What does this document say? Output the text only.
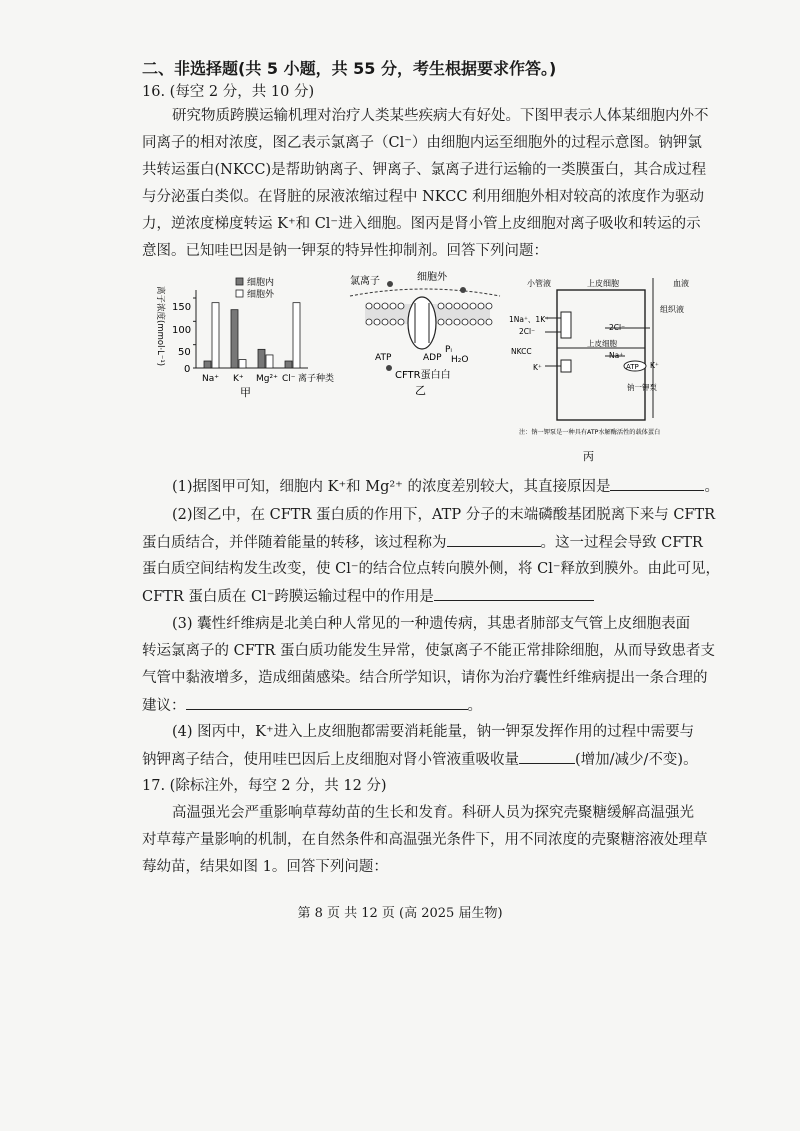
二、非选择题(共 5 小题，共 55 分，考生根据要求作答。)
16. (每空 2 分，共 10 分)
研究物质跨膜运输机理对治疗人类某些疾病大有好处。下图甲表示人体某细胞内外不
同离子的相对浓度，图乙表示氯离子（Cl⁻）由细胞内运至细胞外的过程示意图。钠钾氯
共转运蛋白(NKCC)是帮助钠离子、钾离子、氯离子进行运输的一类膜蛋白，其合成过程
与分泌蛋白类似。在肾脏的尿液浓缩过程中 NKCC 利用细胞外相对较高的浓度作为驱动
力，逆浓度梯度转运 K⁺和 Cl⁻进入细胞。图丙是肾小管上皮细胞对离子吸收和转运的示
意图。已知哇巴因是钠一钾泵的特异性抑制剂。回答下列问题：
离子浓度(mmol·L⁻¹) 150
100
50
0
细胞内
细胞外
Na⁺ K⁺ Mg²⁺ Cl⁻ 离子种类
甲
氯离子	细胞外
ATP	ADP
Pᵢ
H₂O
CFTR蛋白白
乙
小管液	上皮细胞	血液
组织液
1Na⁺、1K⁺
2Cl⁻
NKCC
2Cl⁻
上皮细胞
K⁺
Na⁺
ATP K⁺
钠一钾泵
注：钠一钾泵是一种具有ATP水解酶活性的载体蛋白
丙
(1)据图甲可知，细胞内 K⁺和 Mg²⁺ 的浓度差别较大，其直接原因是	。
(2)图乙中，在 CFTR 蛋白质的作用下，ATP 分子的末端磷酸基团脱离下来与 CFTR
蛋白质结合，并伴随着能量的转移，该过程称为	。这一过程会导致 CFTR
蛋白质空间结构发生改变，使 Cl⁻的结合位点转向膜外侧，将 Cl⁻释放到膜外。由此可见，
CFTR 蛋白质在 Cl⁻跨膜运输过程中的作用是
(3) 囊性纤维病是北美白种人常见的一种遗传病，其患者肺部支气管上皮细胞表面
转运氯离子的 CFTR 蛋白质功能发生异常，使氯离子不能正常排除细胞，从而导致患者支
气管中黏液增多，造成细菌感染。结合所学知识，请你为治疗囊性纤维病提出一条合理的
建议：	。
(4) 图丙中，K⁺进入上皮细胞都需要消耗能量，钠一钾泵发挥作用的过程中需要与
钠钾离子结合，使用哇巴因后上皮细胞对肾小管液重吸收量	(增加/减少/不变)。
17. (除标注外，每空 2 分，共 12 分)
高温强光会严重影响草莓幼苗的生长和发育。科研人员为探究壳聚糖缓解高温强光
对草莓产量影响的机制，在自然条件和高温强光条件下，用不同浓度的壳聚糖溶液处理草
莓幼苗，结果如图 1。回答下列问题：
第 8 页 共 12 页 (高 2025 届生物)
